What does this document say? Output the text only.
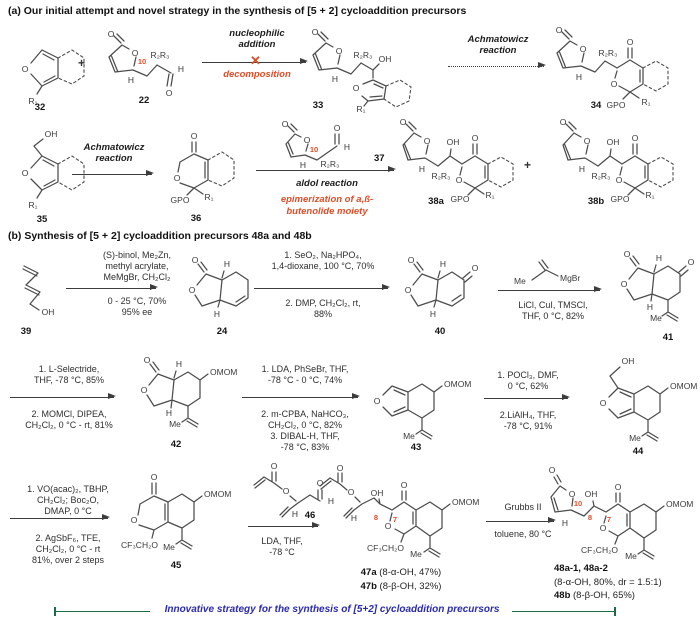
(a) Our initial attempt and novel strategy in the synthesis of [5 + 2] cycloaddition precursors
(b) Synthesis of [5 + 2] cycloaddition precursors 48a and 48b
O
R₁
32
+
O
O
10
R₂R₃
H
H
O
22
nucleophilic
addition
✕
decomposition
O
O
H
R₂R₃ OH
O
R₁
33
Achmatowicz
reaction
O
O
H
R₂R₃
O
O
GPO R₁
34
OH
O
R₁
35
Achmatowicz
reaction
O
O
GPO R₁
36
O
O
10
H R₂R₃
O
H
37
aldol reaction
epimerization of a,ß-
butenolide moiety
O
O
H
R₂R₃
OH O
O
GPO R₁
38a
+
O
O
H
R₂R₃
OH O
O
GPO R₁
38b
OH
39
(S)-binol, Me₂Zn,
methyl acrylate,
MeMgBr, CH₂Cl₂
0 - 25 °C, 70%
95% ee
O	H
O
H
24
1. SeO₂, Na₂HPO₄,
1,4-dioxane, 100 °C, 70%
2. DMP, CH₂Cl₂, rt,
88%
O	H
O
H
O
40
Me	MgBr
LiCl, CuI, TMSCl,
THF, 0 °C, 82%
O	H
O
O
H
Me
41
1. L-Selectride,
THF, -78 °C, 85%
2. MOMCl, DIPEA,
CH₂Cl₂, 0 °C - rt, 81%
O	H
O
OMOM
H
Me
42
1. LDA, PhSeBr, THF,
-78 °C - 0 °C, 74%
2. m-CPBA, NaHCO₃,
CH₂Cl₂, 0 °C, 82%
3. DIBAL-H, THF,
-78 °C, 83%
O
OMOM
Me
43
1. POCl₃, DMF,
0 °C, 62%
2.LiAlH₄, THF,
-78 °C, 91%
OH
O
OMOM
Me
44
1. VO(acac)₂, TBHP,
CH₂Cl₂; Boc₂O,
DMAP, 0 °C
2. AgSbF₆, TFE,
CH₂Cl₂, 0 °C - rt
81%, over 2 steps
O
O
CF₃CH₂O
OMOM
Me
45
O
O
O
H
H 46
LDA, THF,
-78 °C
O
O
H
OH
8
O
7
O
CF₃CH₂O
Me
OMOM
47a (8-α-OH, 47%)
47b (8-β-OH, 32%)
Grubbs II
toluene, 80 °C
O
O
10
H
OH
8
O
7
O
CF₃CH₂O
Me
OMOM
48a-1, 48a-2
(8-α-OH, 80%, dr = 1.5:1)
48b (8-β-OH, 65%)
Innovative strategy for the synthesis of [5+2] cycloaddition precursors
